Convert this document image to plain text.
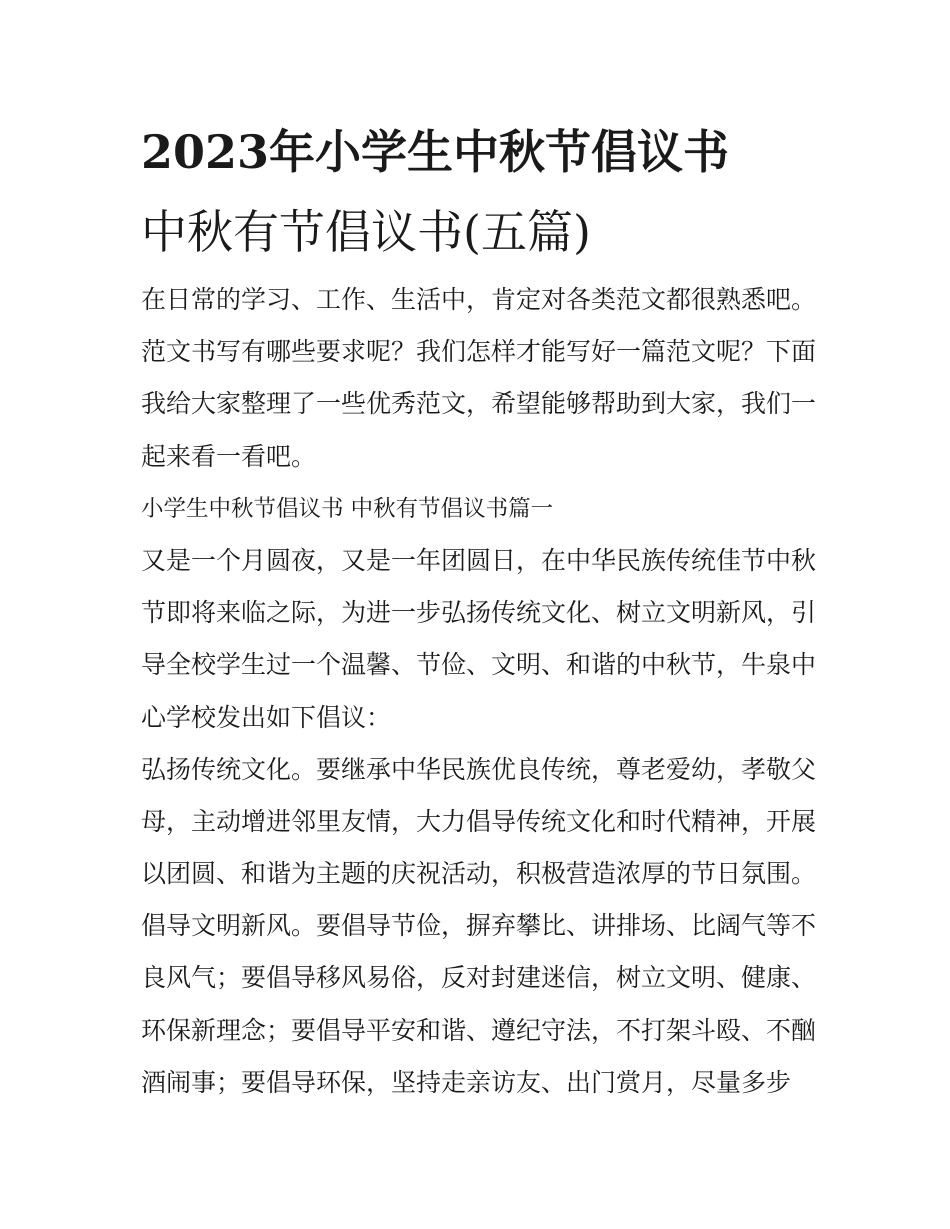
2023年小学生中秋节倡议书
中秋有节倡议书(五篇)
在日常的学习、工作、生活中，肯定对各类范文都很熟悉吧。
范文书写有哪些要求呢？我们怎样才能写好一篇范文呢？下面
我给大家整理了一些优秀范文，希望能够帮助到大家，我们一
起来看一看吧。
小学生中秋节倡议书 中秋有节倡议书篇一
又是一个月圆夜，又是一年团圆日，在中华民族传统佳节中秋
节即将来临之际，为进一步弘扬传统文化、树立文明新风，引
导全校学生过一个温馨、节俭、文明、和谐的中秋节，牛泉中
心学校发出如下倡议：
弘扬传统文化。要继承中华民族优良传统，尊老爱幼，孝敬父
母，主动增进邻里友情，大力倡导传统文化和时代精神，开展
以团圆、和谐为主题的庆祝活动，积极营造浓厚的节日氛围。
倡导文明新风。要倡导节俭，摒弃攀比、讲排场、比阔气等不
良风气；要倡导移风易俗，反对封建迷信，树立文明、健康、
环保新理念；要倡导平安和谐、遵纪守法，不打架斗殴、不酗
酒闹事；要倡导环保，坚持走亲访友、出门赏月，尽量多步
